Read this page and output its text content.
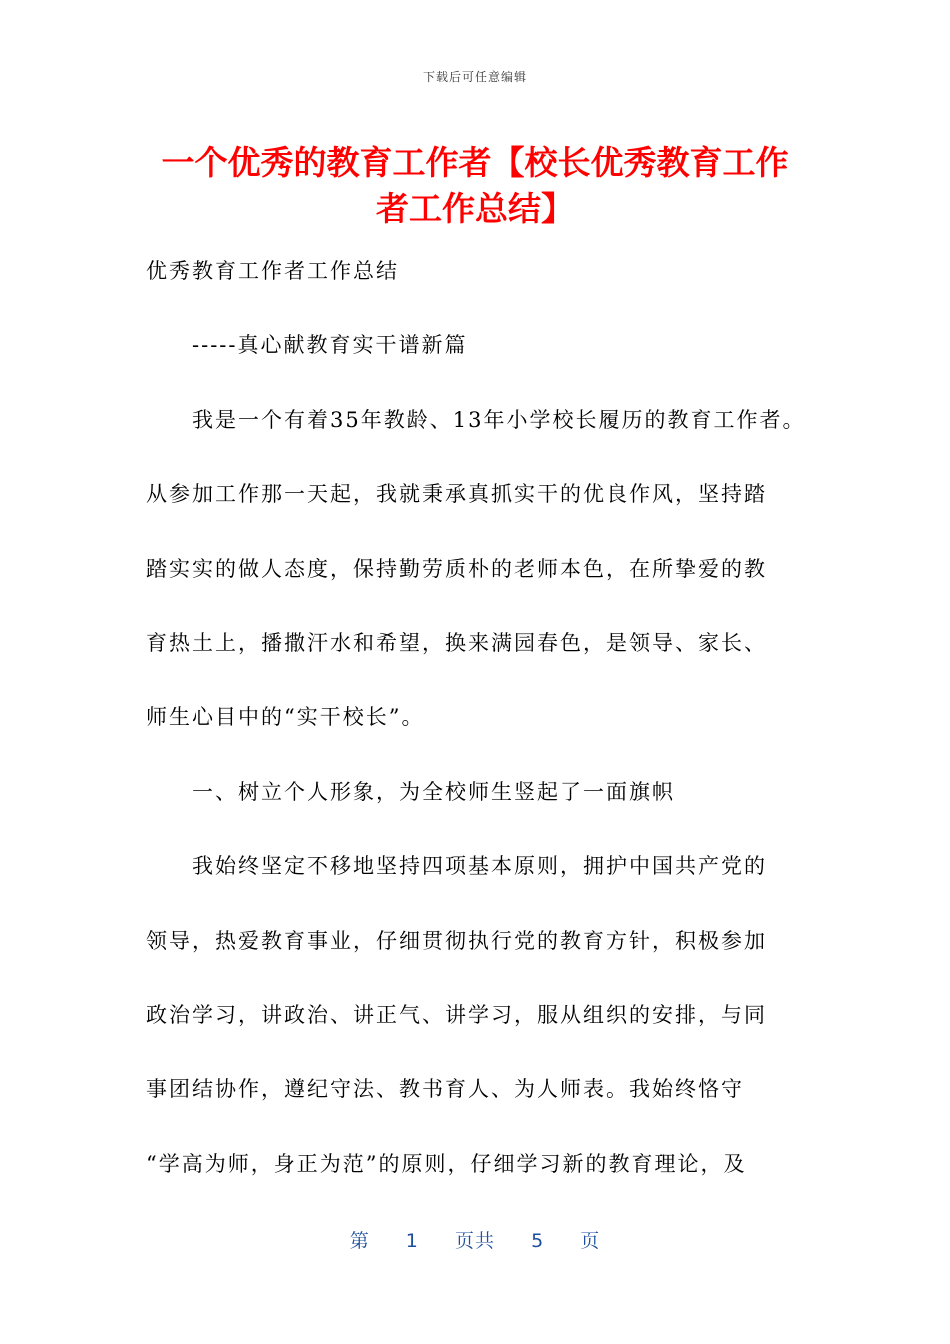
下载后可任意编辑
一个优秀的教育工作者【校长优秀教育工作
者工作总结】
优秀教育工作者工作总结
-----真心献教育实干谱新篇
我是一个有着35年教龄、13年小学校长履历的教育工作者。
从参加工作那一天起，我就秉承真抓实干的优良作风，坚持踏
踏实实的做人态度，保持勤劳质朴的老师本色，在所挚爱的教
育热土上，播撒汗水和希望，换来满园春色，是领导、家长、
师生心目中的“实干校长”。
一、树立个人形象，为全校师生竖起了一面旗帜
我始终坚定不移地坚持四项基本原则，拥护中国共产党的
领导，热爱教育事业，仔细贯彻执行党的教育方针，积极参加
政治学习，讲政治、讲正气、讲学习，服从组织的安排，与同
事团结协作，遵纪守法、教书育人、为人师表。我始终恪守
“学高为师，身正为范”的原则，仔细学习新的教育理论，及
第 1 页共 5 页
